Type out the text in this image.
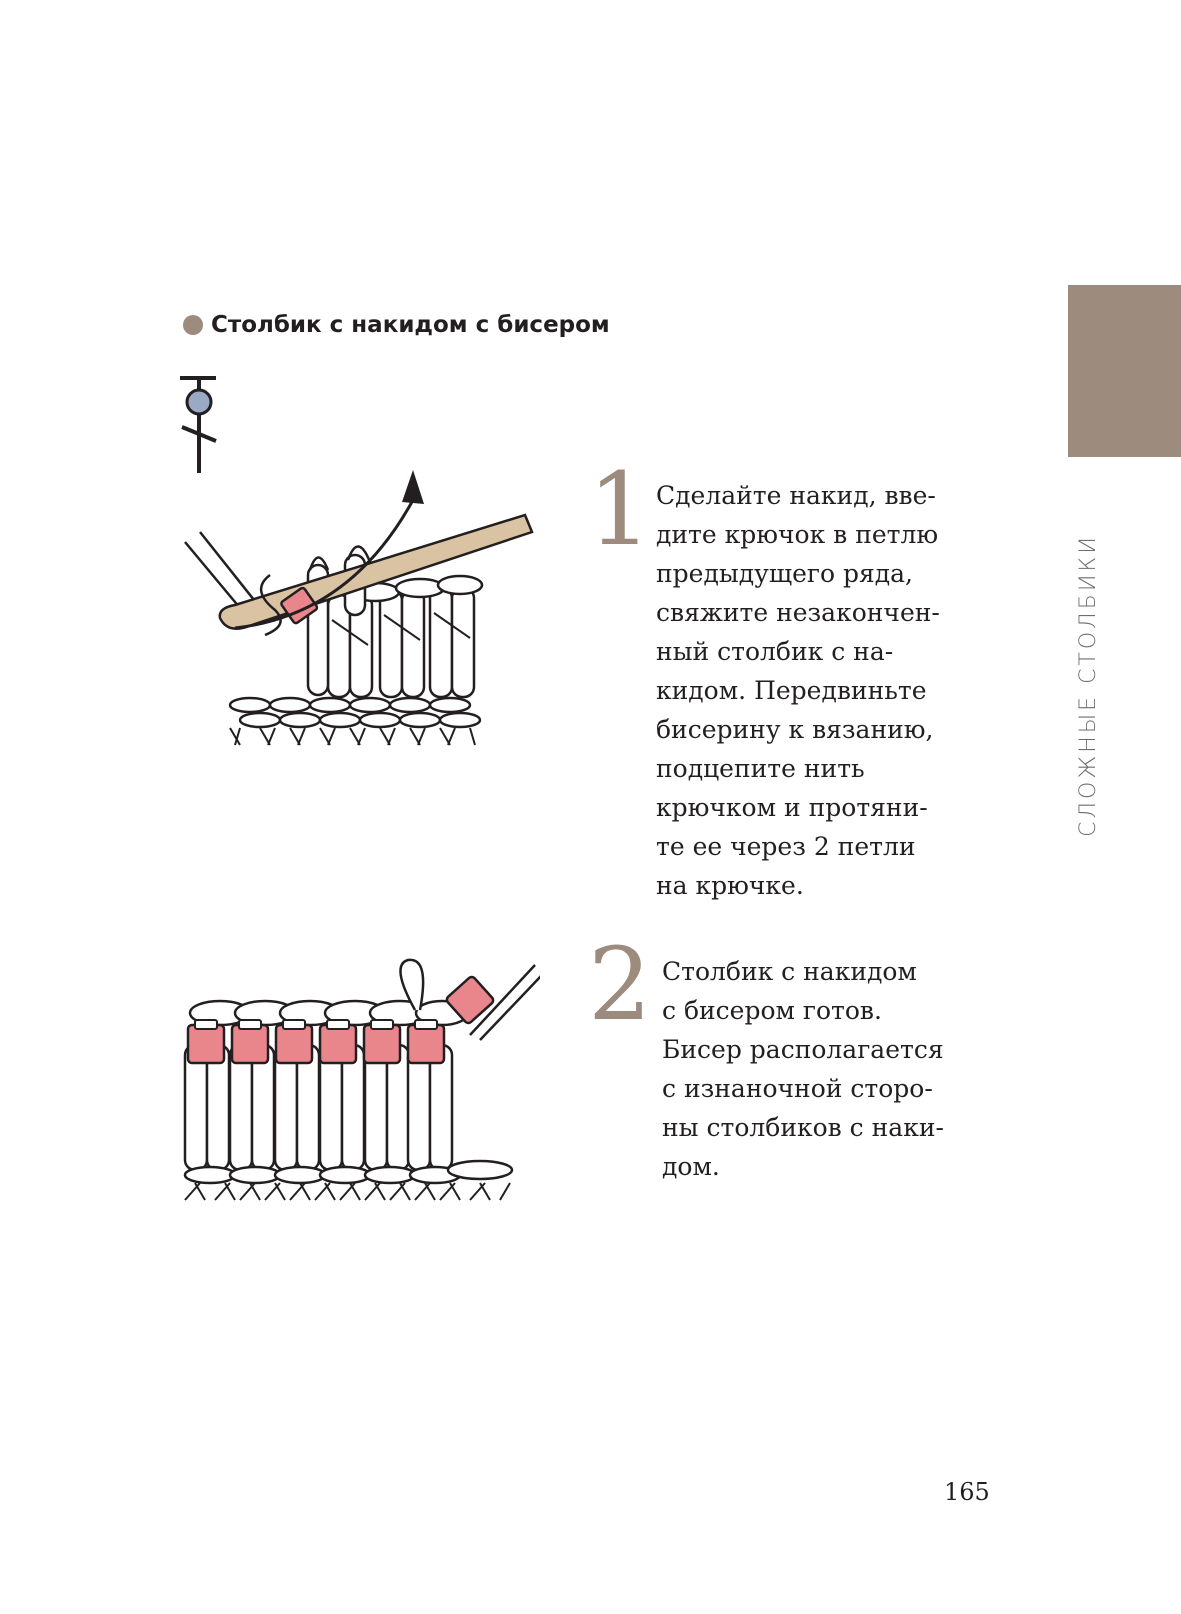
СЛОЖНЫЕ СТОЛБИКИ
Столбик с накидом с бисером
1 Сделайте накид, вве-
дите крючок в петлю
предыдущего ряда,
свяжите незакончен-
ный столбик с на-
кидом. Передвиньте
бисерину к вязанию,
подцепите нить
крючком и протяни-
те ее через 2 петли
на крючке.
2 Столбик с накидом
с бисером готов.
Бисер располагается
с изнаночной сторо-
ны столбиков с наки-
дом.
165
